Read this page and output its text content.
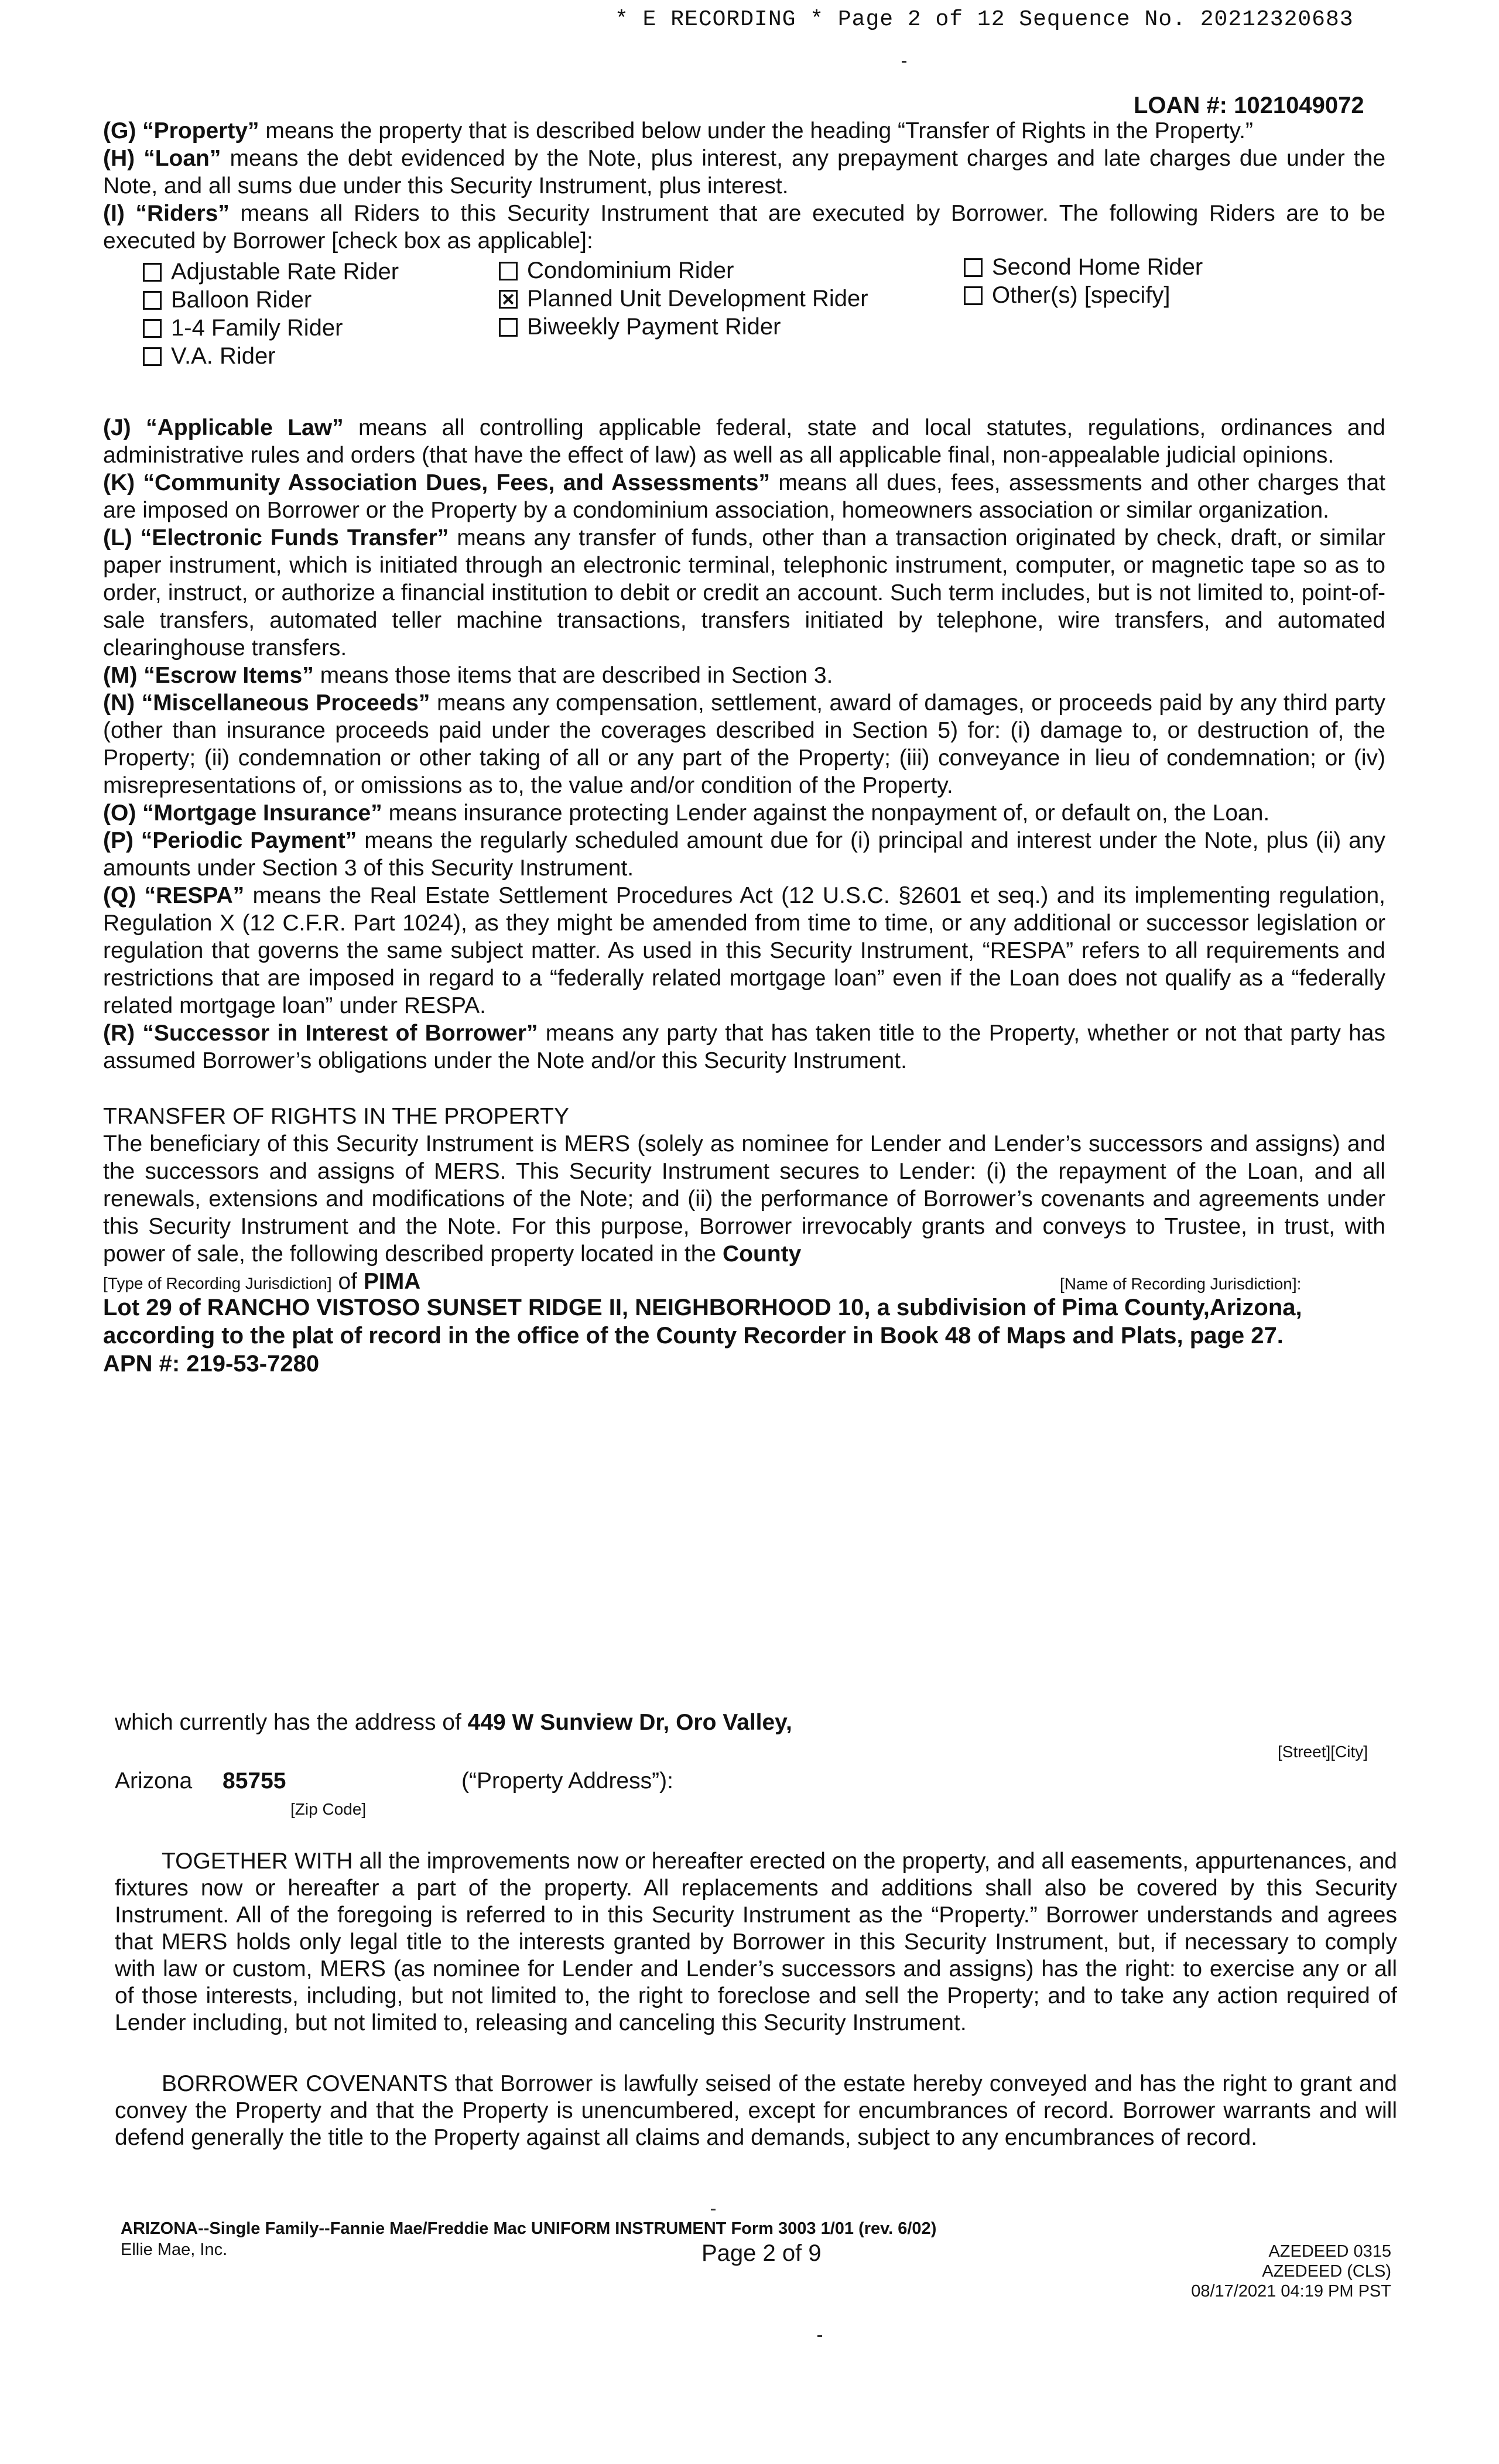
* E RECORDING * Page 2 of 12 Sequence No. 20212320683
LOAN #: 1021049072

(G) “Property” means the property that is described below under the heading “Transfer of Rights in the Property.”

(H) “Loan” means the debt evidenced by the Note, plus interest, any prepayment charges and late charges due under the Note, and all sums due under this Security Instrument, plus interest.

(I) “Riders” means all Riders to this Security Instrument that are executed by Borrower. The following Riders are to be executed by Borrower [check box as applicable]:

Adjustable Rate Rider
Balloon Rider
1-4 Family Rider
V.A. Rider
Condominium Rider
Planned Unit Development Rider
Biweekly Payment Rider
Second Home Rider
Other(s) [specify]

(J) “Applicable Law” means all controlling applicable federal, state and local statutes, regulations, ordinances and administrative rules and orders (that have the effect of law) as well as all applicable final, non-appealable judicial opinions.

(K) “Community Association Dues, Fees, and Assessments” means all dues, fees, assessments and other charges that are imposed on Borrower or the Property by a condominium association, homeowners association or similar organization.

(L) “Electronic Funds Transfer” means any transfer of funds, other than a transaction originated by check, draft, or similar paper instrument, which is initiated through an electronic terminal, telephonic instrument, computer, or magnetic tape so as to order, instruct, or authorize a financial institution to debit or credit an account. Such term includes, but is not limited to, point-of-sale transfers, automated teller machine transactions, transfers initiated by telephone, wire transfers, and automated clearinghouse transfers.

(M) “Escrow Items” means those items that are described in Section 3.

(N) “Miscellaneous Proceeds” means any compensation, settlement, award of damages, or proceeds paid by any third party (other than insurance proceeds paid under the coverages described in Section 5) for: (i) damage to, or destruction of, the Property; (ii) condemnation or other taking of all or any part of the Property; (iii) conveyance in lieu of condemnation; or (iv) misrepresentations of, or omissions as to, the value and/or condition of the Property.

(O) “Mortgage Insurance” means insurance protecting Lender against the nonpayment of, or default on, the Loan.

(P) “Periodic Payment” means the regularly scheduled amount due for (i) principal and interest under the Note, plus (ii) any amounts under Section 3 of this Security Instrument.

(Q) “RESPA” means the Real Estate Settlement Procedures Act (12 U.S.C. §2601 et seq.) and its implementing regulation, Regulation X (12 C.F.R. Part 1024), as they might be amended from time to time, or any additional or successor legislation or regulation that governs the same subject matter. As used in this Security Instrument, “RESPA” refers to all requirements and restrictions that are imposed in regard to a “federally related mortgage loan” even if the Loan does not qualify as a “federally related mortgage loan” under RESPA.

(R) “Successor in Interest of Borrower” means any party that has taken title to the Property, whether or not that party has assumed Borrower’s obligations under the Note and/or this Security Instrument.

TRANSFER OF RIGHTS IN THE PROPERTY

The beneficiary of this Security Instrument is MERS (solely as nominee for Lender and Lender’s successors and assigns) and the successors and assigns of MERS. This Security Instrument secures to Lender: (i) the repayment of the Loan, and all renewals, extensions and modifications of the Note; and (ii) the performance of Borrower’s covenants and agreements under this Security Instrument and the Note. For this purpose, Borrower irrevocably grants and conveys to Trustee, in trust, with power of sale, the following described property located in the County

[Type of Recording Jurisdiction] of PIMA	[Name of Recording Jurisdiction]:
Lot 29 of RANCHO VISTOSO SUNSET RIDGE II, NEIGHBORHOOD 10, a subdivision of Pima County,Arizona, according to the plat of record in the office of the County Recorder in Book 48 of Maps and Plats, page 27.
APN #: 219-53-7280
which currently has the address of 449 W Sunview Dr, Oro Valley,
[Street][City]
Arizona 85755	(“Property Address”):
[Zip Code]

TOGETHER WITH all the improvements now or hereafter erected on the property, and all easements, appurtenances, and fixtures now or hereafter a part of the property. All replacements and additions shall also be covered by this Security Instrument. All of the foregoing is referred to in this Security Instrument as the “Property.” Borrower understands and agrees that MERS holds only legal title to the interests granted by Borrower in this Security Instrument, but, if necessary to comply with law or custom, MERS (as nominee for Lender and Lender’s successors and assigns) has the right: to exercise any or all of those interests, including, but not limited to, the right to foreclose and sell the Property; and to take any action required of Lender including, but not limited to, releasing and canceling this Security Instrument.

BORROWER COVENANTS that Borrower is lawfully seised of the estate hereby conveyed and has the right to grant and convey the Property and that the Property is unencumbered, except for encumbrances of record. Borrower warrants and will defend generally the title to the Property against all claims and demands, subject to any encumbrances of record.

ARIZONA--Single Family--Fannie Mae/Freddie Mac UNIFORM INSTRUMENT Form 3003 1/01 (rev. 6/02)
Ellie Mae, Inc.	Page 2 of 9	AZEDEED 0315
AZEDEED (CLS)
08/17/2021 04:19 PM PST
